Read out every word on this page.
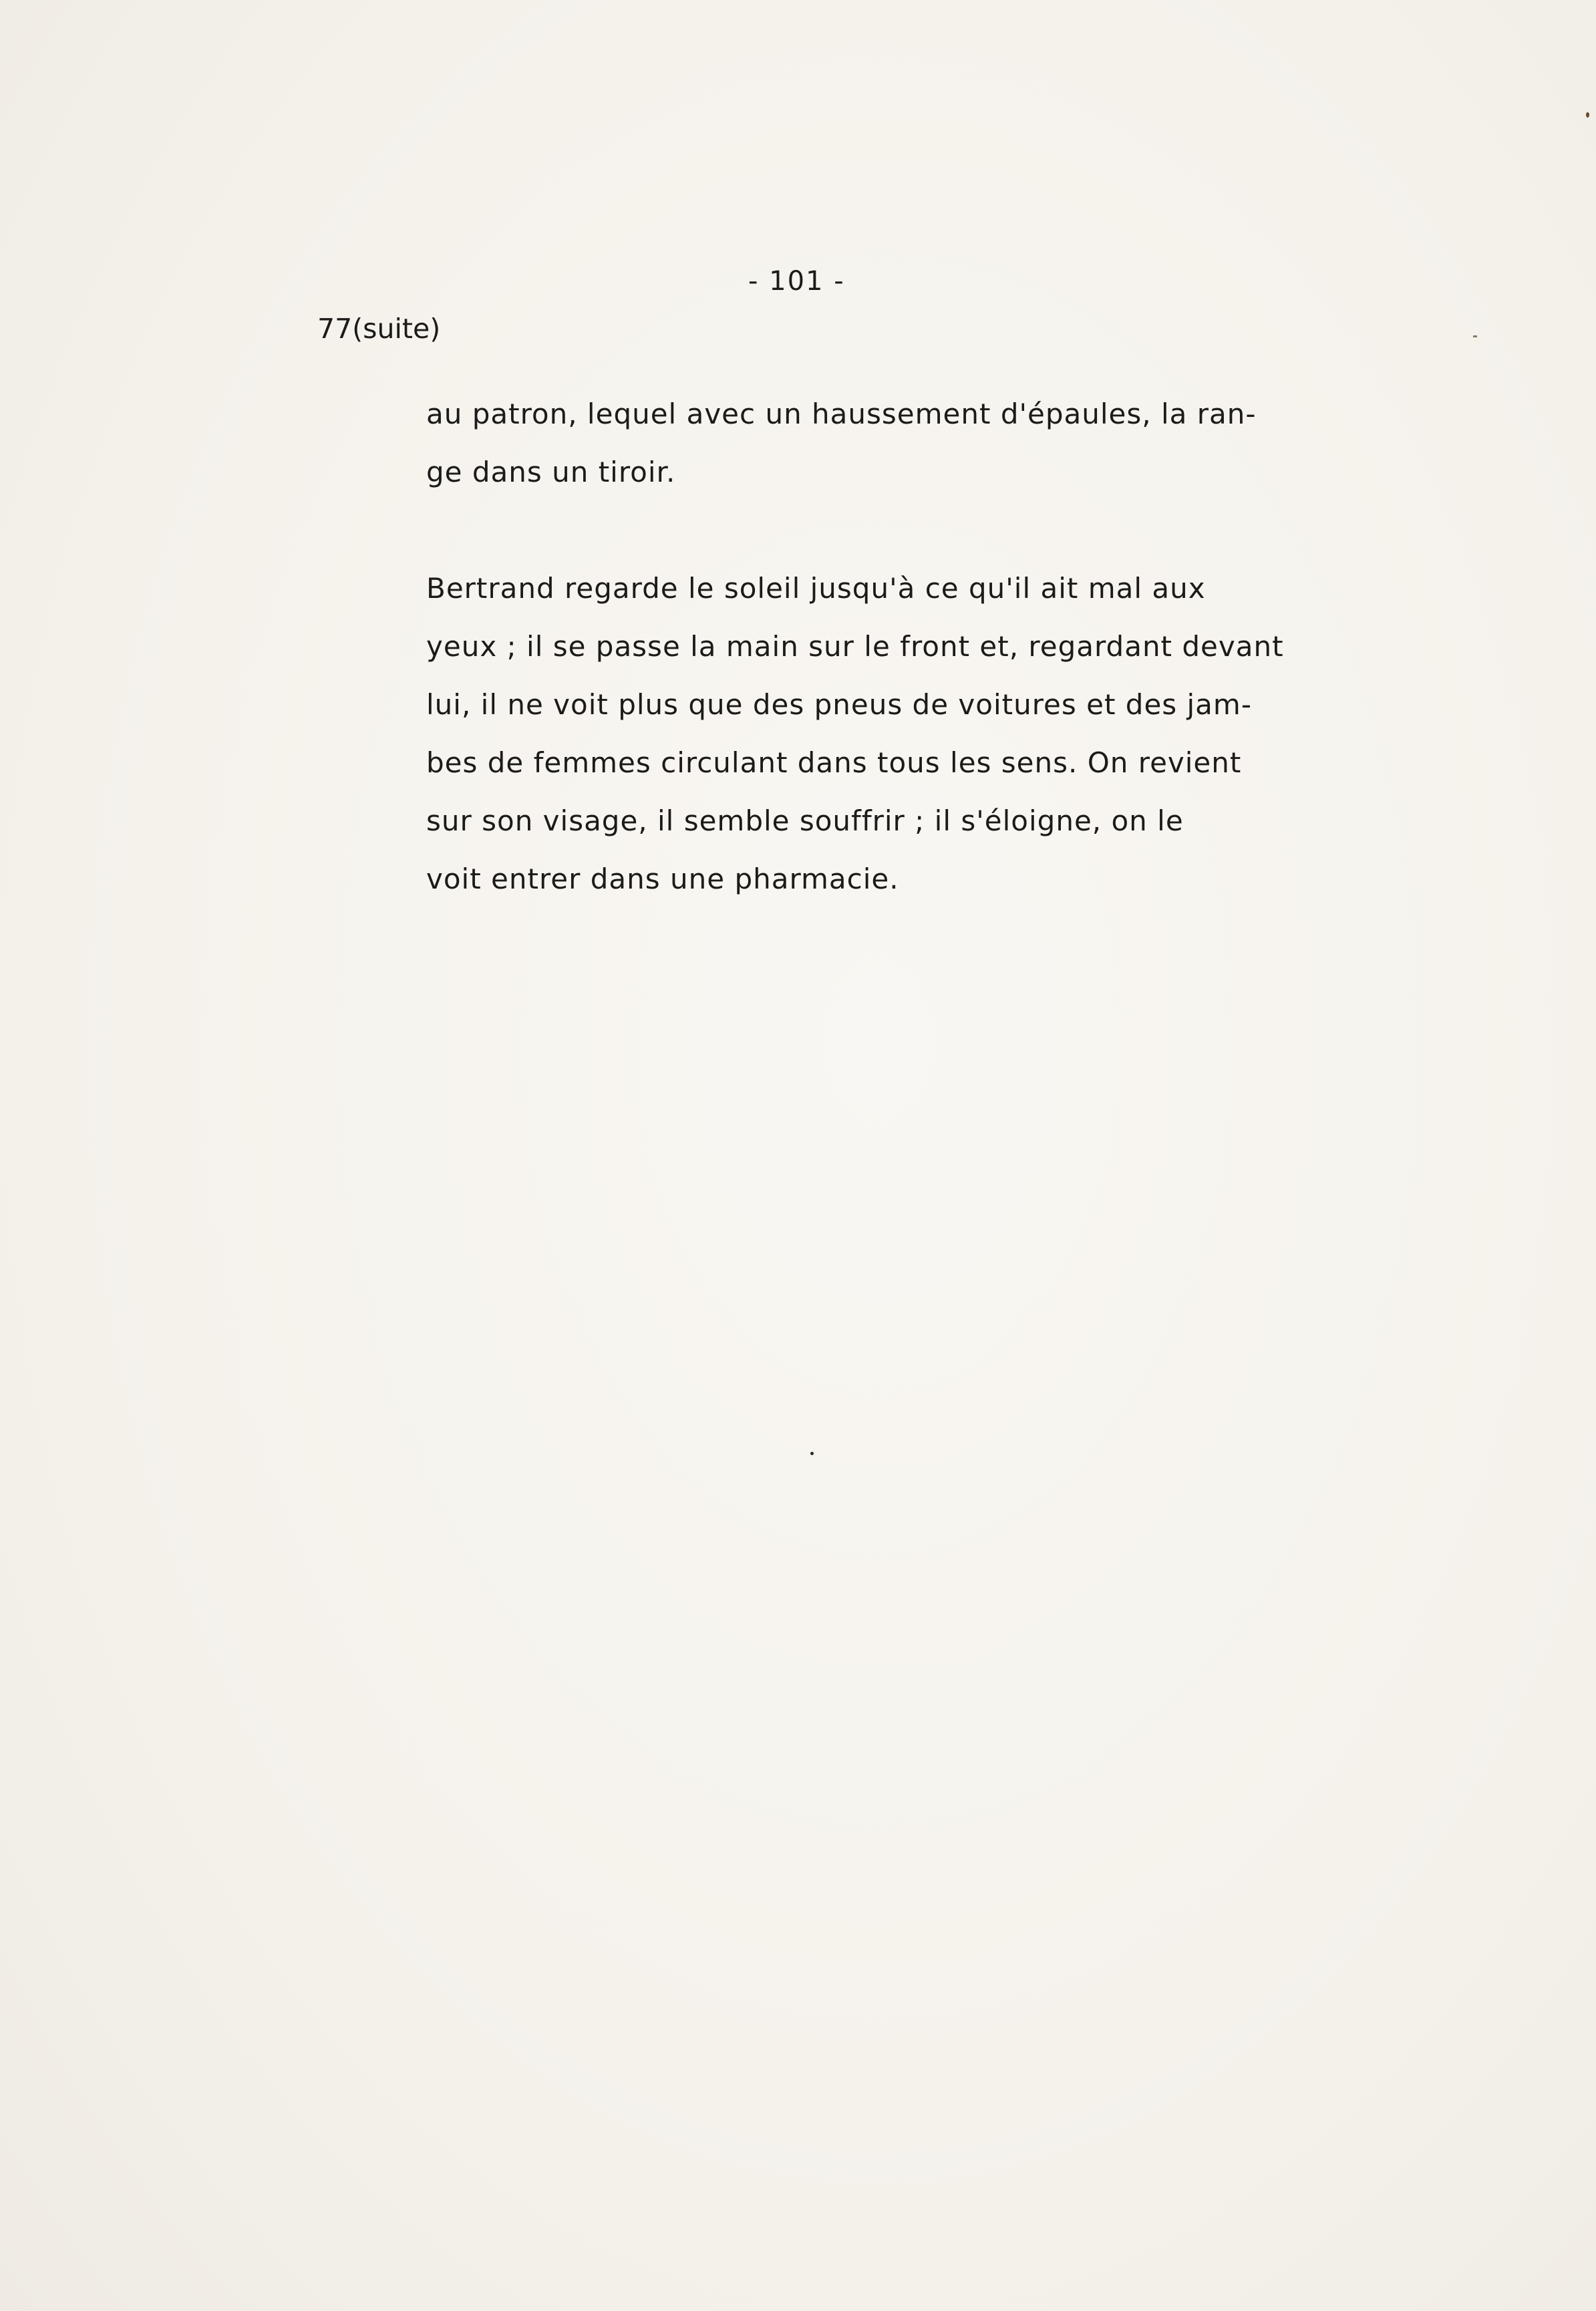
- 101 -
77(suite)
au patron, lequel avec un haussement d'épaules, la ran-
ge dans un tiroir.
Bertrand regarde le soleil jusqu'à ce qu'il ait mal aux
yeux ; il se passe la main sur le front et, regardant devant
lui, il ne voit plus que des pneus de voitures et des jam-
bes de femmes circulant dans tous les sens. On revient
sur son visage, il semble souffrir ; il s'éloigne, on le
voit entrer dans une pharmacie.
